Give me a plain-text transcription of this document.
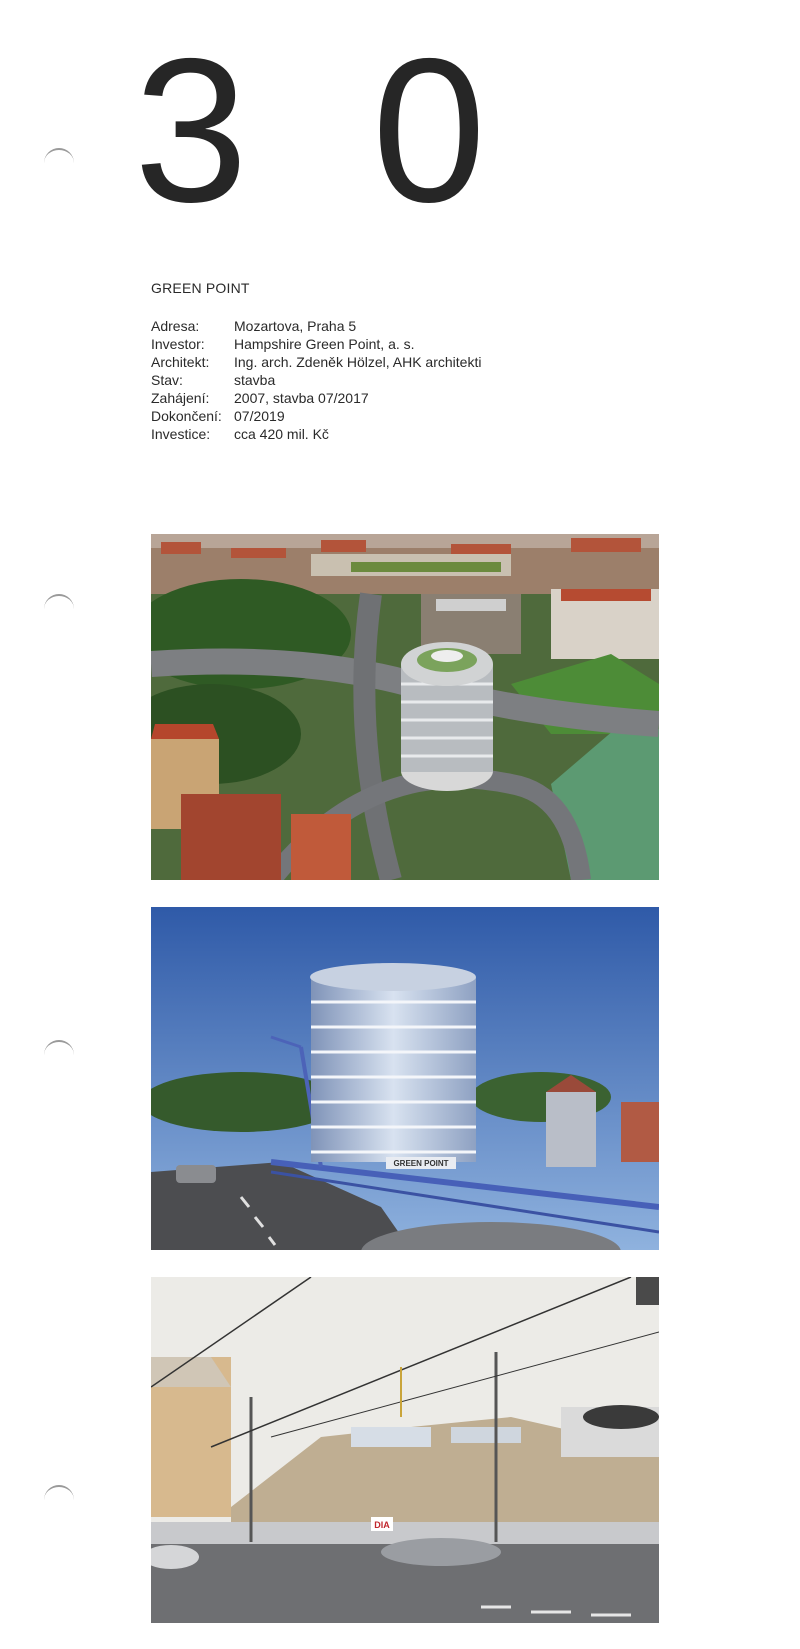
3 0
GREEN POINT
Adresa:	Mozartova, Praha 5
Investor:	Hampshire Green Point, a. s.
Architekt:	Ing. arch. Zdeněk Hölzel, AHK architekti
Stav:	stavba
Zahájení:	2007, stavba 07/2017
Dokončení: 07/2019
Investice:	cca 420 mil. Kč
GREEN POINT
DIA
